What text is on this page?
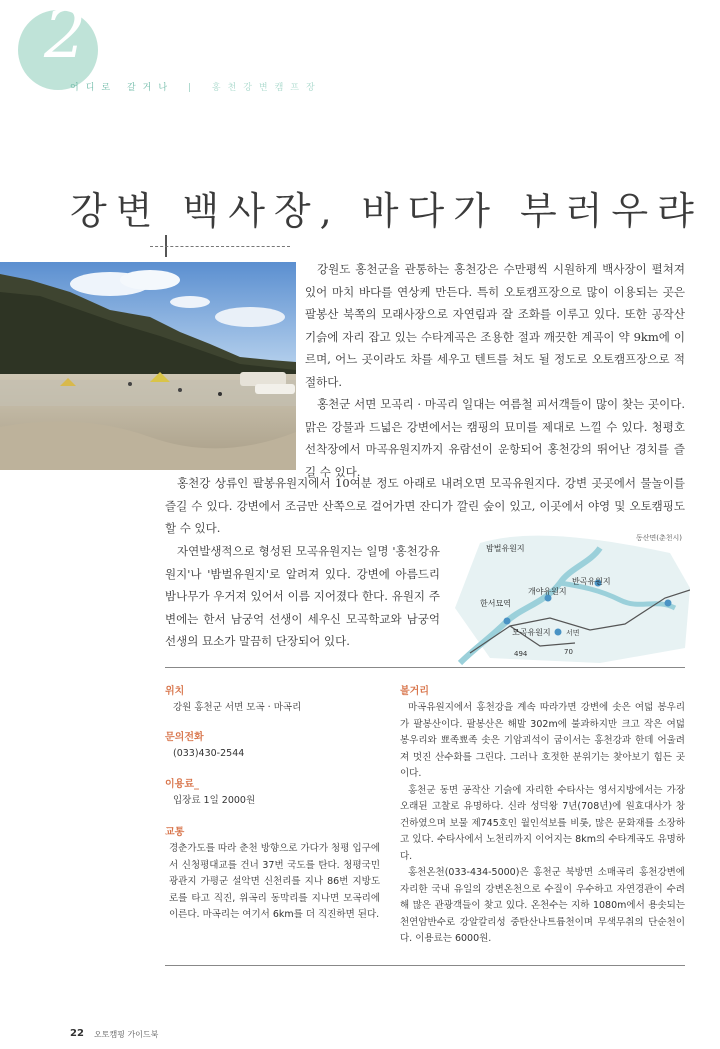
2
어디로 갈거나 | 홍천강변캠프장
강변 백사장, 바다가 부러우랴

강원도 홍천군을 관통하는 홍천강은 수만평씩 시원하게 백사장이 펼쳐져 있어 마치 바다를 연상케 만든다. 특히 오토캠프장으로 많이 이용되는 곳은 팔봉산 북쪽의 모래사장으로 자연림과 잘 조화를 이루고 있다. 또한 공작산 기슭에 자리 잡고 있는 수타계곡은 조용한 절과 깨끗한 계곡이 약 9km에 이르며, 어느 곳이라도 차를 세우고 텐트를 쳐도 될 정도로 오토캠프장으로 적절하다.

홍천군 서면 모곡리 · 마곡리 일대는 여름철 피서객들이 많이 찾는 곳이다. 맑은 강물과 드넓은 강변에서는 캠핑의 묘미를 제대로 느낄 수 있다. 청평호 선착장에서 마곡유원지까지 유람선이 운항되어 홍천강의 뛰어난 경치를 즐길 수 있다.

홍천강 상류인 팔봉유원지에서 10여분 정도 아래로 내려오면 모곡유원지다. 강변 곳곳에서 물놀이를 즐길 수 있다. 강변에서 조금만 산쪽으로 걸어가면 잔디가 깔린 숲이 있고, 이곳에서 야영 및 오토캠핑도 할 수 있다.

자연발생적으로 형성된 모곡유원지는 일명 '홍천강유원지'나 '밤벌유원지'로 알려져 있다. 강변에 아름드리 밤나무가 우거져 있어서 이름 지어졌다 한다. 유원지 주변에는 한서 남궁억 선생이 세우신 모곡학교와 남궁억 선생의 묘소가 말끔히 단장되어 있다.

동산면(춘천시)
밤벌유원지
개야유원지
반곡유원지
한서묘역
모곡유원지 서면
494	70
위치
강원 홍천군 서면 모곡 · 마곡리
문의전화
(033)430-2544
이용료_
입장료 1일 2000원
교통
경춘가도를 따라 춘천 방향으로 가다가 청평 입구에서 신청평대교를 건너 37번 국도를 탄다. 청평국민광관지 가평군 설악면 신천리를 지나 86번 지방도로를 타고 직진, 위곡리 동막리를 지나면 모곡리에 이른다. 마곡리는 여기서 6km를 더 직진하면 된다.
볼거리

마곡유원지에서 홍천강을 계속 따라가면 강변에 솟은 여덟 봉우리가 팔봉산이다. 팔봉산은 해발 302m에 불과하지만 크고 작은 여덟 봉우리와 뾰족뾰족 솟은 기암괴석이 굽이서는 홍천강과 한데 어울려져 멋진 산수화를 그린다. 그러나 호젓한 분위기는 찾아보기 힘든 곳이다.

홍천군 동면 공작산 기슭에 자리한 수타사는 영서지방에서는 가장 오래된 고찰로 유명하다. 신라 성덕왕 7년(708년)에 원효대사가 창건하였으며 보물 제745호인 월인석보를 비롯, 많은 문화재를 소장하고 있다. 수타사에서 노천리까지 이어지는 8km의 수타계곡도 유명하다.

홍천온천(033-434-5000)은 홍천군 북방면 소매곡리 홍천강변에 자리한 국내 유일의 강변온천으로 수질이 우수하고 자연경관이 수려해 많은 관광객들이 찾고 있다. 온천수는 지하 1080m에서 용솟되는 천연암반수로 강알칼리성 중탄산나트륨천이며 무색무취의 단순천이다. 이용료는 6000원.

22 오토캠핑 가이드북
